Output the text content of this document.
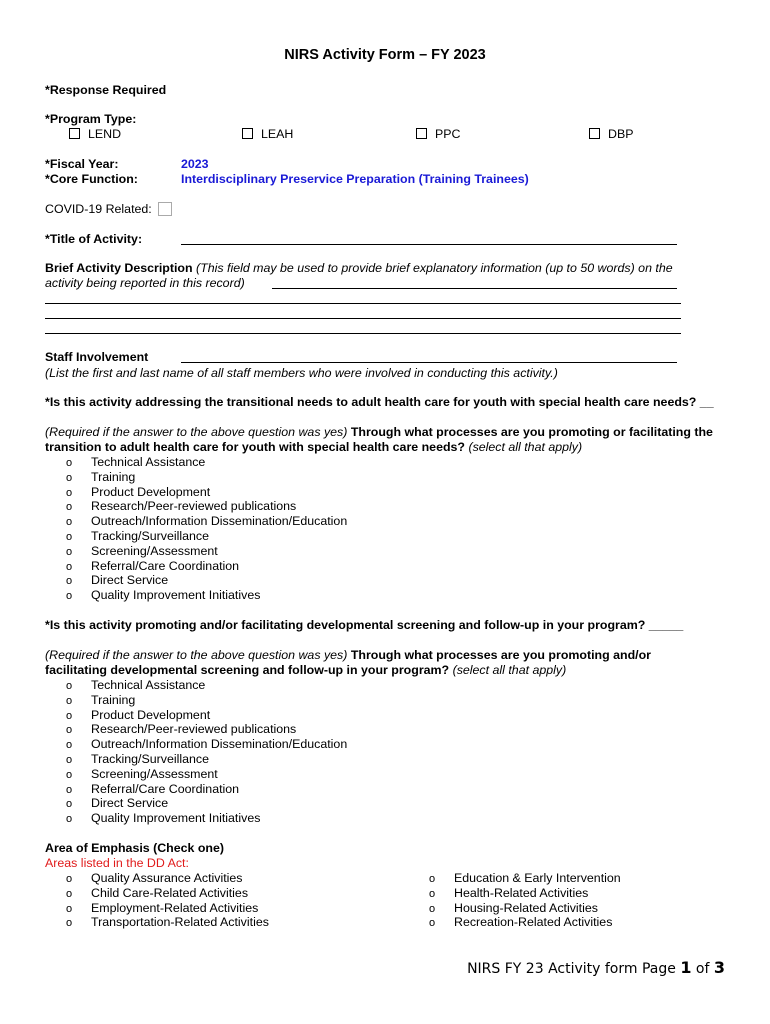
NIRS Activity Form – FY 2023
*Response Required
*Program Type:
LEND	LEAH	PPC	DBP
*Fiscal Year:	2023
*Core Function:	Interdisciplinary Preservice Preparation (Training Trainees)
COVID-19 Related:
*Title of Activity:
Brief Activity Description (This field may be used to provide brief explanatory information (up to 50 words) on the
activity being reported in this record)
Staff Involvement
(List the first and last name of all staff members who were involved in conducting this activity.)
*Is this activity addressing the transitional needs to adult health care for youth with special health care needs? __
(Required if the answer to the above question was yes) Through what processes are you promoting or facilitating the
transition to adult health care for youth with special health care needs? (select all that apply)
o Technical Assistance
o Training
o Product Development
o Research/Peer-reviewed publications
o Outreach/Information Dissemination/Education
o Tracking/Surveillance
o Screening/Assessment
o Referral/Care Coordination
o Direct Service
o Quality Improvement Initiatives
*Is this activity promoting and/or facilitating developmental screening and follow-up in your program? _____
(Required if the answer to the above question was yes) Through what processes are you promoting and/or
facilitating developmental screening and follow-up in your program? (select all that apply)
o Technical Assistance
o Training
o Product Development
o Research/Peer-reviewed publications
o Outreach/Information Dissemination/Education
o Tracking/Surveillance
o Screening/Assessment
o Referral/Care Coordination
o Direct Service
o Quality Improvement Initiatives
Area of Emphasis (Check one)
Areas listed in the DD Act:
o Quality Assurance Activities
o Child Care-Related Activities
o Employment-Related Activities
o Transportation-Related Activities
o Education & Early Intervention
o Health-Related Activities
o Housing-Related Activities
o Recreation-Related Activities
NIRS FY 23 Activity form Page 1 of 3
